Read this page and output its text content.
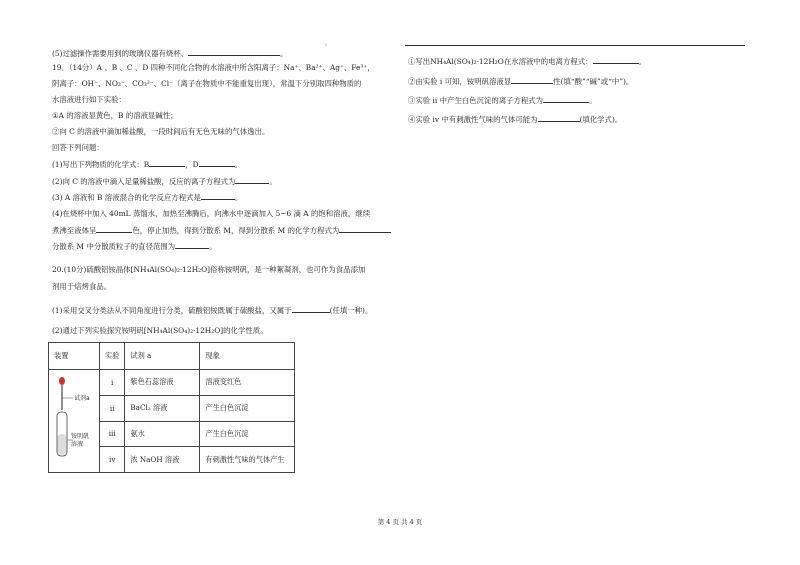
¹
(5)过滤操作需要用到的玻璃仪器有烧杯、	。
19．（14分）A 、B 、C 、D 四种不同化合物的水溶液中所含阳离子：Na⁺、Ba²⁺、Ag⁺、Fe³⁺，
阴离子：OH⁻、NO₃⁻、CO₃²⁻、Cl⁻（离子在物质中不能重复出现），常温下分别取四种物质的
水溶液进行如下实验：
①A 的溶液显黄色，B 的溶液显碱性；
②向 C 的溶液中滴加稀盐酸，一段时间后有无色无味的气体逸出。
回答下列问题：
(1)写出下列物质的化学式：B	，D	。
(2)向 C 的溶液中滴入足量稀盐酸，反应的离子方程式为	。
(3) A 溶液和 B 溶液混合的化学反应方程式是	。
(4)在烧杯中加入 40mL 蒸馏水，加热至沸腾后，向沸水中逐滴加入 5~6 滴 A 的饱和溶液，继续
煮沸至液体呈	色，停止加热，得到分散系 M，得到分散系 M 的化学方程式为
分散系 M 中分散质粒子的直径范围为	。
20.(10分)硫酸铝铵晶体[NH₄Al(SO₄)₂·12H₂O]俗称铵明矾，是一种絮凝剂，也可作为食品添加
剂用于焙烤食品。
(1)采用交叉分类法从不同角度进行分类，硫酸铝铵既属于硫酸盐，又属于	(任填一种)。
(2)通过下列实验探究铵明矾[NH₄Al(SO₄)₂·12H₂O]的化学性质。
装置	实验	试剂 a	现象

试剂a
铵明矾
溶液	i	紫色石蕊溶液	溶液变红色
	ii	BaCl₂ 溶液	产生白色沉淀
	iii	氨水	产生白色沉淀
	iv	浓 NaOH 溶液	有刺激性气味的气体产生
①写出NH₄Al(SO₄)₂·12H₂O在水溶液中的电离方程式：	。
②由实验 i 可知，铵明矾溶液显	性(填“酸”“碱”或“中”)。
③实验 ii 中产生白色沉淀的离子方程式为	。
④实验 iv 中有刺激性气味的气体可能为	(填化学式)。
第 4 页 共 4 页
